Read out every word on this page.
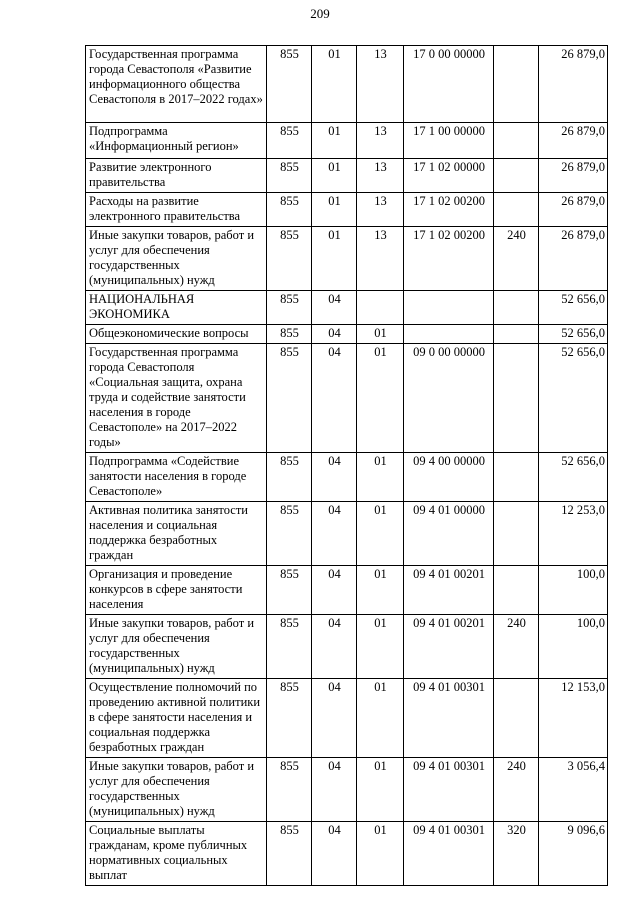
209
Государственная программа города Севастополя «Развитие информационного общества Севастополя в 2017–2022 годах»	855	01	13	17 0 00 00000		26 879,0
Подпрограмма «Информационный регион»	855	01	13	17 1 00 00000		26 879,0
Развитие электронного правительства	855	01	13	17 1 02 00000		26 879,0
Расходы на развитие электронного правительства	855	01	13	17 1 02 00200		26 879,0
Иные закупки товаров, работ и услуг для обеспечения государственных (муниципальных) нужд	855	01	13	17 1 02 00200	240	26 879,0
НАЦИОНАЛЬНАЯ ЭКОНОМИКА	855	04				52 656,0
Общеэкономические вопросы	855	04	01			52 656,0
Государственная программа города Севастополя «Социальная защита, охрана труда и содействие занятости населения в городе Севастополе» на 2017–2022 годы»	855	04	01	09 0 00 00000		52 656,0
Подпрограмма «Содействие занятости населения в городе Севастополе»	855	04	01	09 4 00 00000		52 656,0
Активная политика занятости населения и социальная поддержка безработных граждан	855	04	01	09 4 01 00000		12 253,0
Организация и проведение конкурсов в сфере занятости населения	855	04	01	09 4 01 00201		100,0
Иные закупки товаров, работ и услуг для обеспечения государственных (муниципальных) нужд	855	04	01	09 4 01 00201	240	100,0
Осуществление полномочий по проведению активной политики в сфере занятости населения и социальная поддержка безработных граждан	855	04	01	09 4 01 00301		12 153,0
Иные закупки товаров, работ и услуг для обеспечения государственных (муниципальных) нужд	855	04	01	09 4 01 00301	240	3 056,4
Социальные выплаты гражданам, кроме публичных нормативных социальных выплат	855	04	01	09 4 01 00301	320	9 096,6
